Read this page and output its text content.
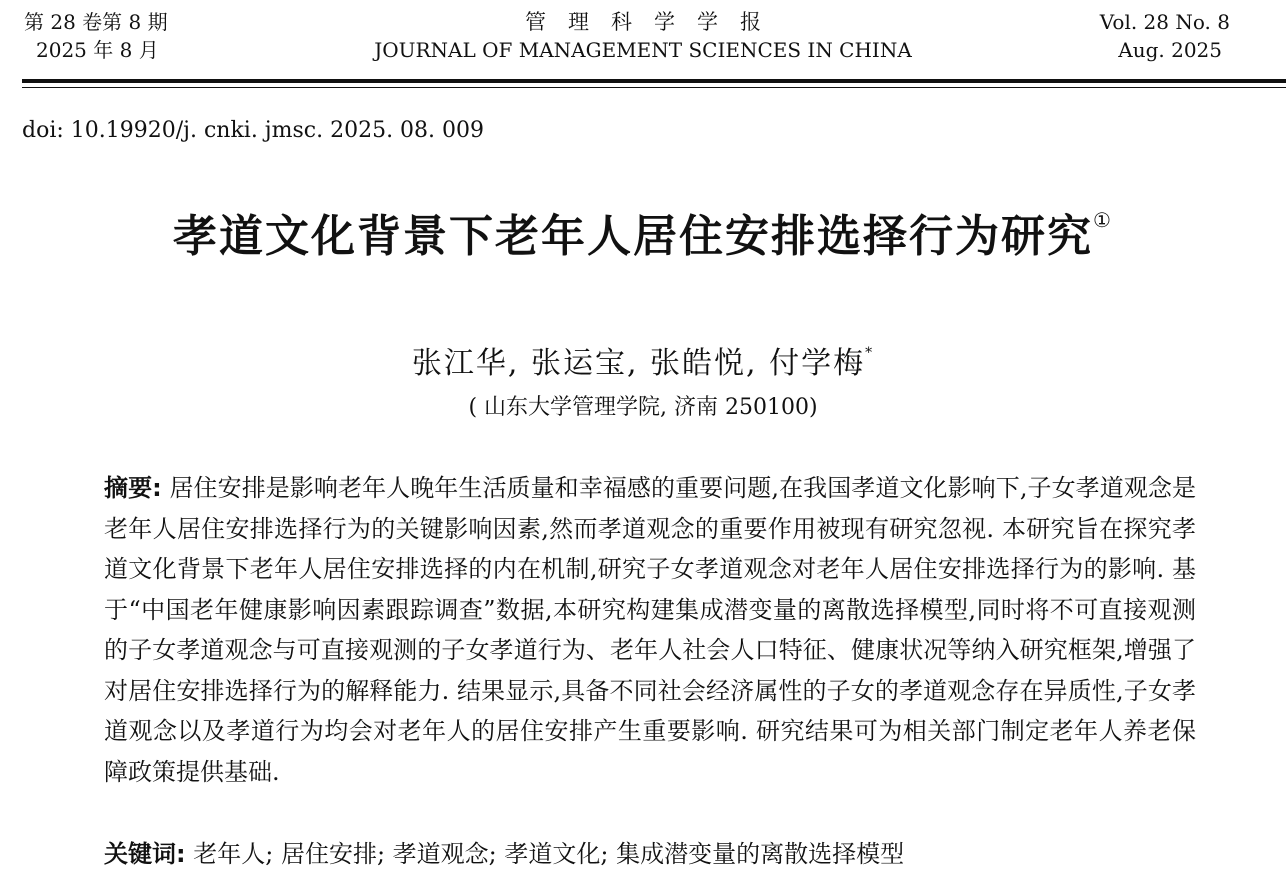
第 28 卷第 8 期
2025 年 8 月
管理科学学报
JOURNAL OF MANAGEMENT SCIENCES IN CHINA
Vol. 28 No. 8
Aug. 2025
doi: 10.19920/j. cnki. jmsc. 2025. 08. 009
孝道文化背景下老年人居住安排选择行为研究①
张江华, 张运宝, 张皓悦, 付学梅*
( 山东大学管理学院, 济南 250100)
摘要: 居住安排是影响老年人晚年生活质量和幸福感的重要问题,在我国孝道文化影响下,子女孝道观念是老年人居住安排选择行为的关键影响因素,然而孝道观念的重要作用被现有研究忽视. 本研究旨在探究孝道文化背景下老年人居住安排选择的内在机制,研究子女孝道观念对老年人居住安排选择行为的影响. 基于“中国老年健康影响因素跟踪调查”数据,本研究构建集成潜变量的离散选择模型,同时将不可直接观测的子女孝道观念与可直接观测的子女孝道行为、老年人社会人口特征、健康状况等纳入研究框架,增强了对居住安排选择行为的解释能力. 结果显示,具备不同社会经济属性的子女的孝道观念存在异质性,子女孝道观念以及孝道行为均会对老年人的居住安排产生重要影响. 研究结果可为相关部门制定老年人养老保障政策提供基础.
关键词: 老年人; 居住安排; 孝道观念; 孝道文化; 集成潜变量的离散选择模型
